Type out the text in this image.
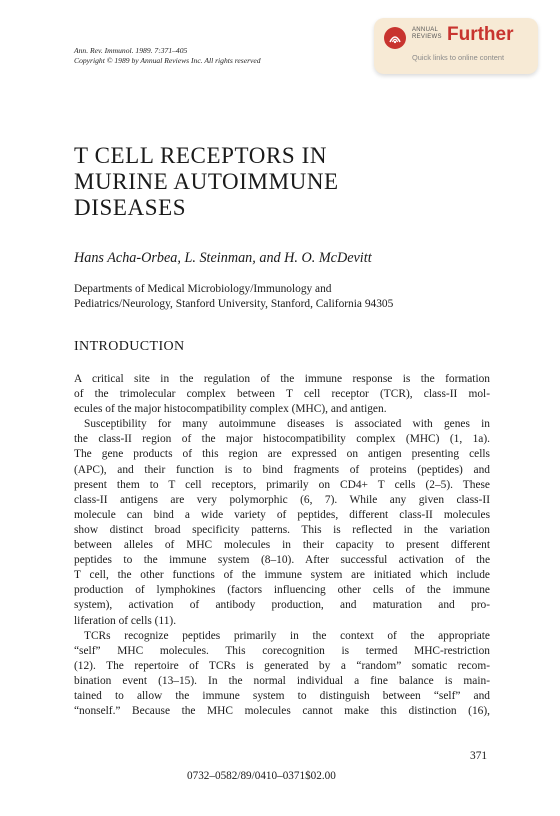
Ann. Rev. Immunol. 1989. 7:371–405
Copyright © 1989 by Annual Reviews Inc. All rights reserved
ANNUAL
REVIEWS Further
Quick links to online content
T CELL RECEPTORS IN
MURINE AUTOIMMUNE
DISEASES
Hans Acha-Orbea, L. Steinman, and H. O. McDevitt
Departments of Medical Microbiology/Immunology and
Pediatrics/Neurology, Stanford University, Stanford, California 94305
INTRODUCTION
A critical site in the regulation of the immune response is the formation
of the trimolecular complex between T cell receptor (TCR), class-II mol-
ecules of the major histocompatibility complex (MHC), and antigen.
Susceptibility for many autoimmune diseases is associated with genes in
the class-II region of the major histocompatibility complex (MHC) (1, 1a).
The gene products of this region are expressed on antigen presenting cells
(APC), and their function is to bind fragments of proteins (peptides) and
present them to T cell receptors, primarily on CD4+ T cells (2–5). These
class-II antigens are very polymorphic (6, 7). While any given class-II
molecule can bind a wide variety of peptides, different class-II molecules
show distinct broad specificity patterns. This is reflected in the variation
between alleles of MHC molecules in their capacity to present different
peptides to the immune system (8–10). After successful activation of the
T cell, the other functions of the immune system are initiated which include
production of lymphokines (factors influencing other cells of the immune
system), activation of antibody production, and maturation and pro-
liferation of cells (11).
TCRs recognize peptides primarily in the context of the appropriate
“self” MHC molecules. This corecognition is termed MHC-restriction
(12). The repertoire of TCRs is generated by a “random” somatic recom-
bination event (13–15). In the normal individual a fine balance is main-
tained to allow the immune system to distinguish between “self” and
“nonself.” Because the MHC molecules cannot make this distinction (16),
371
0732–0582/89/0410–0371$02.00
